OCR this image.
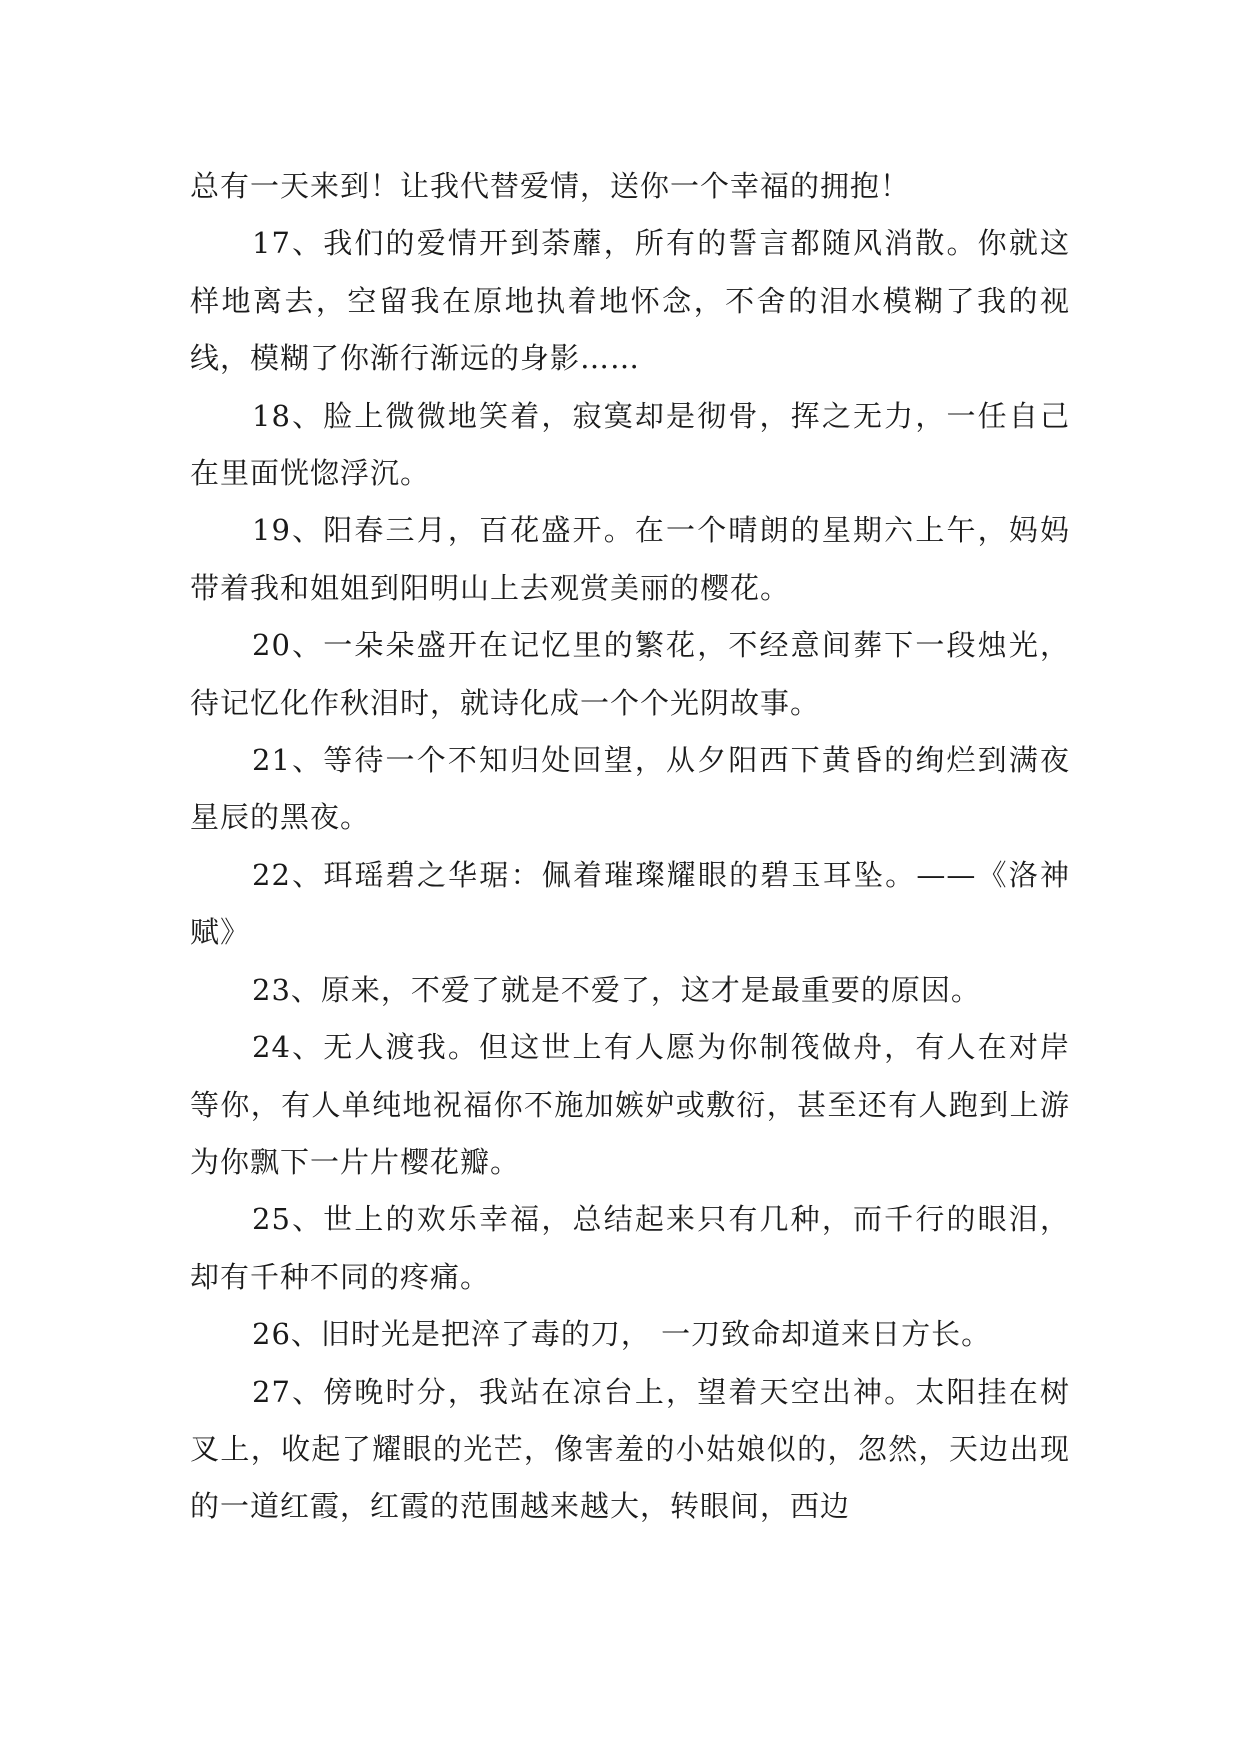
总有一天来到！让我代替爱情，送你一个幸福的拥抱！

17、我们的爱情开到荼蘼，所有的誓言都随风消散。你就这样地离去，空留我在原地执着地怀念，不舍的泪水模糊了我的视线，模糊了你渐行渐远的身影……

18、脸上微微地笑着，寂寞却是彻骨，挥之无力，一任自己在里面恍惚浮沉。

19、阳春三月，百花盛开。在一个晴朗的星期六上午，妈妈带着我和姐姐到阳明山上去观赏美丽的樱花。

20、一朵朵盛开在记忆里的繁花，不经意间葬下一段烛光，待记忆化作秋泪时，就诗化成一个个光阴故事。

21、等待一个不知归处回望，从夕阳西下黄昏的绚烂到满夜星辰的黑夜。

22、珥瑶碧之华琚：佩着璀璨耀眼的碧玉耳坠。——《洛神赋》

23、原来，不爱了就是不爱了，这才是最重要的原因。

24、无人渡我。但这世上有人愿为你制筏做舟，有人在对岸等你，有人单纯地祝福你不施加嫉妒或敷衍，甚至还有人跑到上游为你飘下一片片樱花瓣。

25、世上的欢乐幸福，总结起来只有几种，而千行的眼泪，却有千种不同的疼痛。

26、旧时光是把淬了毒的刀， 一刀致命却道来日方长。

27、傍晚时分，我站在凉台上，望着天空出神。太阳挂在树叉上，收起了耀眼的光芒，像害羞的小姑娘似的，忽然，天边出现的一道红霞，红霞的范围越来越大，转眼间，西边
